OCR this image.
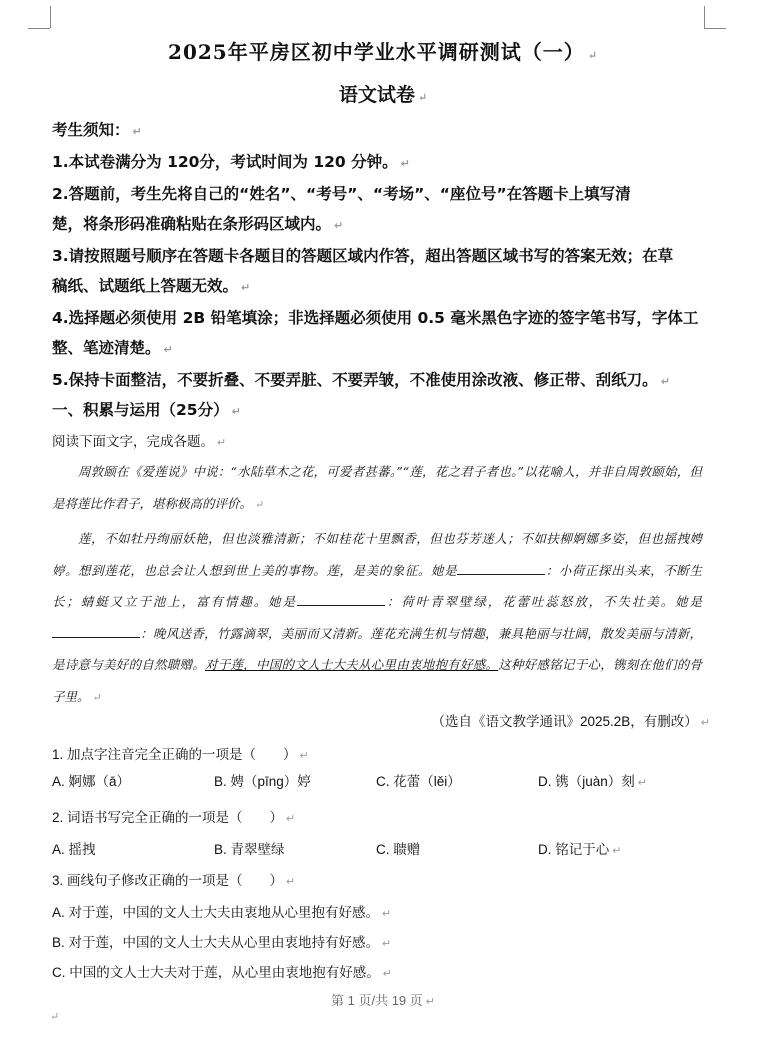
2025年平房区初中学业水平调研测试（一） ↵
语文试卷 ↵

考生须知： ↵

1.本试卷满分为 120分，考试时间为 120 分钟。 ↵

2.答题前，考生先将自己的“姓名”、“考号”、“考场”、“座位号”在答题卡上填写清

楚，将条形码准确粘贴在条形码区域内。 ↵

3.请按照题号顺序在答题卡各题目的答题区域内作答，超出答题区域书写的答案无效；在草

稿纸、试题纸上答题无效。 ↵

4.选择题必须使用 2B 铅笔填涂；非选择题必须使用 0.5 毫米黑色字迹的签字笔书写，字体工

整、笔迹清楚。 ↵

5.保持卡面整洁，不要折叠、不要弄脏、不要弄皱，不准使用涂改液、修正带、刮纸刀。 ↵

一、积累与运用（25分） ↵
阅读下面文字，完成各题。 ↵

周敦颐在《爱莲说》中说：“水陆草木之花，可爱者甚蕃。”“莲，花之君子者也。”以花喻人，并非自周敦颐始，但是将莲比作君子，堪称极高的评价。 ↵

莲，不如牡丹绚丽妖艳，但也淡雅清新；不如桂花十里飘香，但也芬芳迷人；不如扶柳婀娜多姿，但也摇拽娉婷。想到莲花，也总会让人想到世上美的事物。莲，是美的象征。她是	：小荷正探出头来，不断生长；蜻蜓又立于池上，富有情趣。她是	：荷叶青翠壁绿，花蕾吐蕊怒放，不失壮美。她是：晚风送香，竹露滴翠，美丽而又清新。莲花充满生机与情趣，兼具艳丽与壮阔，散发美丽与清新，是诗意与美好的自然聩赠。对于莲，中国的文人士大夫从心里由衷地抱有好感。这种好感铭记于心，镌刻在他们的骨子里。 ↵

（选自《语文教学通讯》2025.2B，有删改） ↵
1. 加点字注音完全正确的一项是（　　） ↵
A. 婀娜（ā）	B. 娉（pīng）婷	C. 花蕾（lěi）	D. 镌（juàn）刻 ↵
2. 词语书写完全正确的一项是（　　） ↵
A. 摇拽	B. 青翠壁绿	C. 聩赠	D. 铭记于心 ↵
3. 画线句子修改正确的一项是（　　） ↵
A. 对于莲，中国的文人士大夫由衷地从心里抱有好感。 ↵
B. 对于莲，中国的文人士大夫从心里由衷地持有好感。 ↵
C. 中国的文人士大夫对于莲，从心里由衷地抱有好感。 ↵
第 1 页/共 19 页 ↵
↵
